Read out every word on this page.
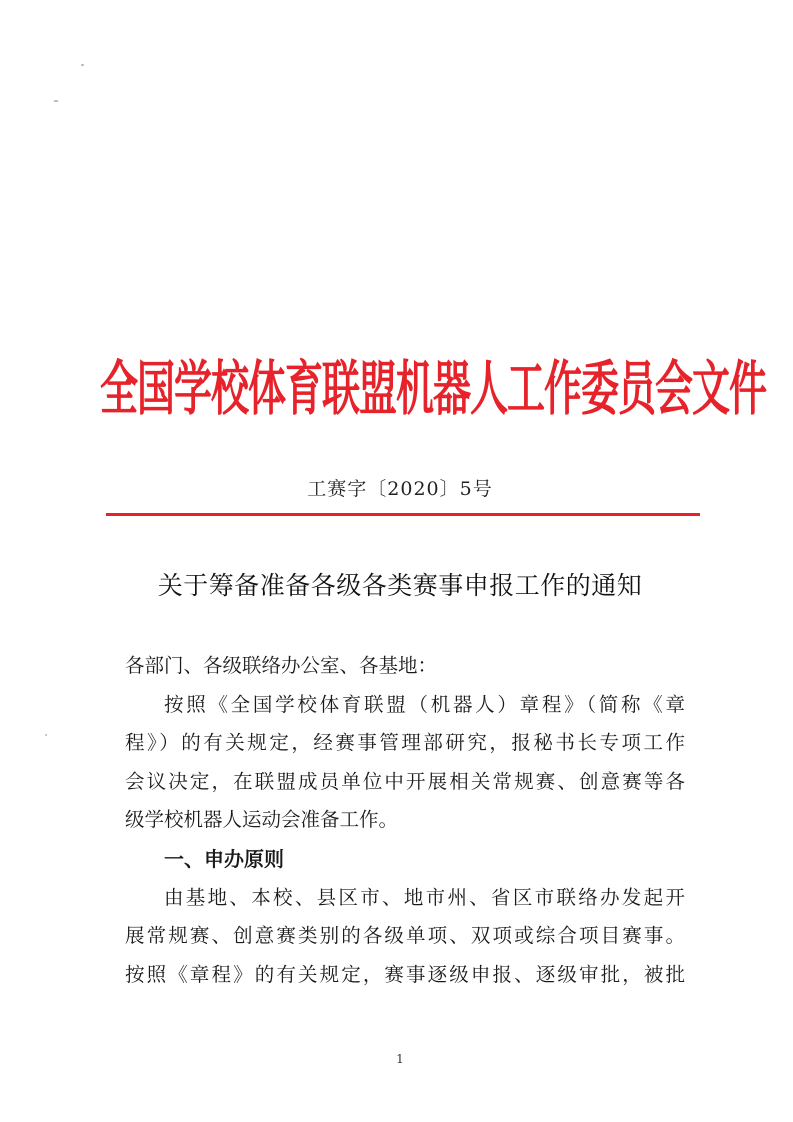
全国学校体育联盟机器人工作委员会文件
工赛字〔2020〕5号
关于筹备准备各级各类赛事申报工作的通知
各部门、各级联络办公室、各基地：
按照《全国学校体育联盟（机器人）章程》（简称《章
程》）的有关规定，经赛事管理部研究，报秘书长专项工作
会议决定，在联盟成员单位中开展相关常规赛、创意赛等各
级学校机器人运动会准备工作。
一、申办原则
由基地、本校、县区市、地市州、省区市联络办发起开
展常规赛、创意赛类别的各级单项、双项或综合项目赛事。
按照《章程》的有关规定，赛事逐级申报、逐级审批，被批
1
